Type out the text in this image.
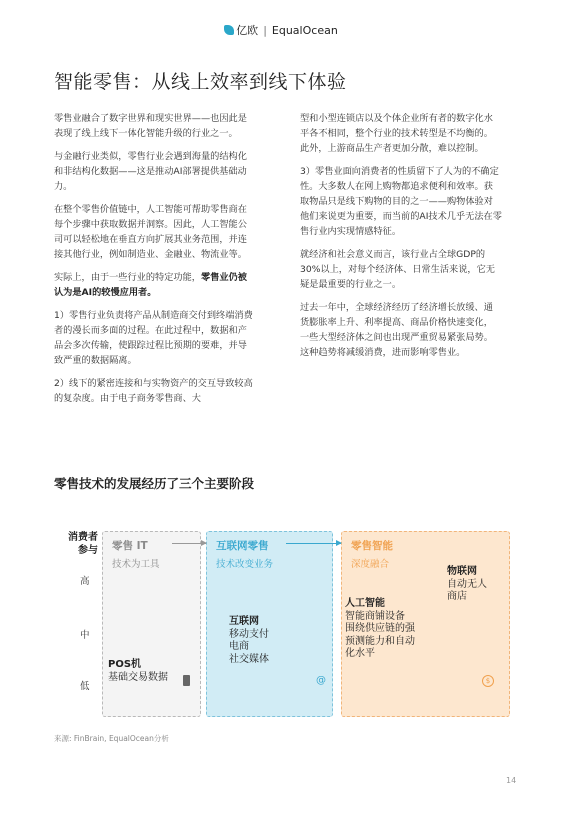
亿欧 | EqualOcean
智能零售：从线上效率到线下体验

零售业融合了数字世界和现实世界——也因此是表现了线上线下一体化智能升级的行业之一。

与金融行业类似，零售行业会遇到海量的结构化和非结构化数据——这是推动AI部署提供基础动力。

在整个零售价值链中，人工智能可帮助零售商在每个步骤中获取数据并洞察。因此，人工智能公司可以轻松地在垂直方向扩展其业务范围，并连接其他行业，例如制造业、金融业、物流业等。

实际上，由于一些行业的特定功能，零售业仍被认为是AI的较慢应用者。

1）零售行业负责将产品从制造商交付到终端消费者的漫长而多面的过程。在此过程中，数据和产品会多次传输，使跟踪过程比预期的要难，并导致严重的数据隔离。

2）线下的紧密连接和与实物资产的交互导致较高的复杂度。由于电子商务零售商、大

型和小型连锁店以及个体企业所有者的数字化水平各不相同，整个行业的技术转型是不均衡的。此外，上游商品生产者更加分散，难以控制。

3）零售业面向消费者的性质留下了人为的不确定性。大多数人在网上购物都追求便利和效率。获取物品只是线下购物的目的之一——购物体验对他们来说更为重要，而当前的AI技术几乎无法在零售行业内实现情感特征。

就经济和社会意义而言，该行业占全球GDP的30%以上，对每个经济体、日常生活来说，它无疑是最重要的行业之一。

过去一年中，全球经济经历了经济增长放缓、通货膨胀率上升、利率提高、商品价格快速变化，一些大型经济体之间也出现严重贸易紧张局势。这种趋势将减缓消费，进而影响零售业。

零售技术的发展经历了三个主要阶段
消费者
参与
高
中
低
零售 IT
技术为工具
POS机
基础交易数据
互联网零售
技术改变业务
互联网
移动支付
电商
社交媒体
零售智能
深度融合
人工智能
智能商铺设备
围绕供应链的强
预测能力和自动
化水平
物联网
自动无人
商店
@	$
来源: FinBrain, EqualOcean分析
14
